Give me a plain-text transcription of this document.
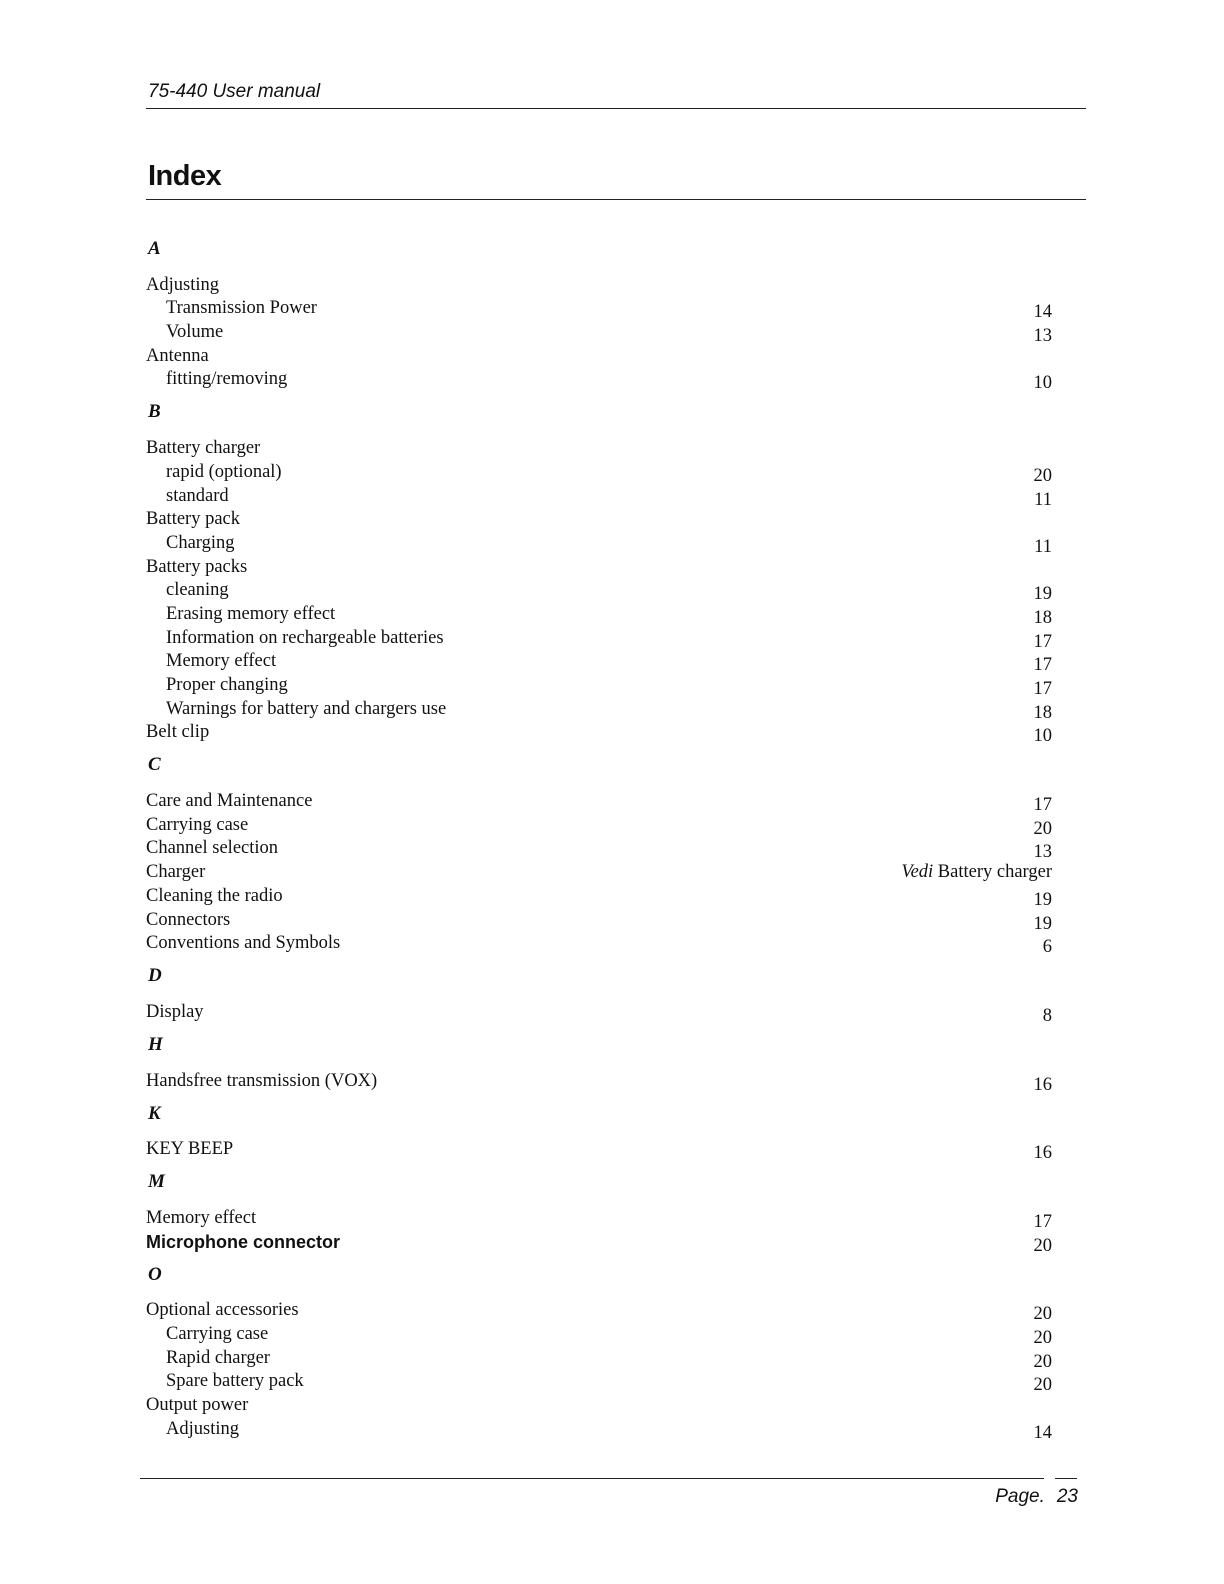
75-440 User manual
Index
A
Adjusting
Transmission Power	14
Volume	13
Antenna
fitting/removing	10
B
Battery charger
rapid (optional)	20
standard	11
Battery pack
Charging	11
Battery packs
cleaning	19
Erasing memory effect	18
Information on rechargeable batteries	17
Memory effect	17
Proper changing	17
Warnings for battery and chargers use	18
Belt clip	10
C
Care and Maintenance	17
Carrying case	20
Channel selection	13
Charger	Vedi Battery charger
Cleaning the radio	19
Connectors	19
Conventions and Symbols	6
D
Display	8
H
Handsfree transmission (VOX)	16
K
KEY BEEP	16
M
Memory effect	17
Microphone connector	20
O
Optional accessories	20
Carrying case	20
Rapid charger	20
Spare battery pack	20
Output power
Adjusting	14
Page. 23
